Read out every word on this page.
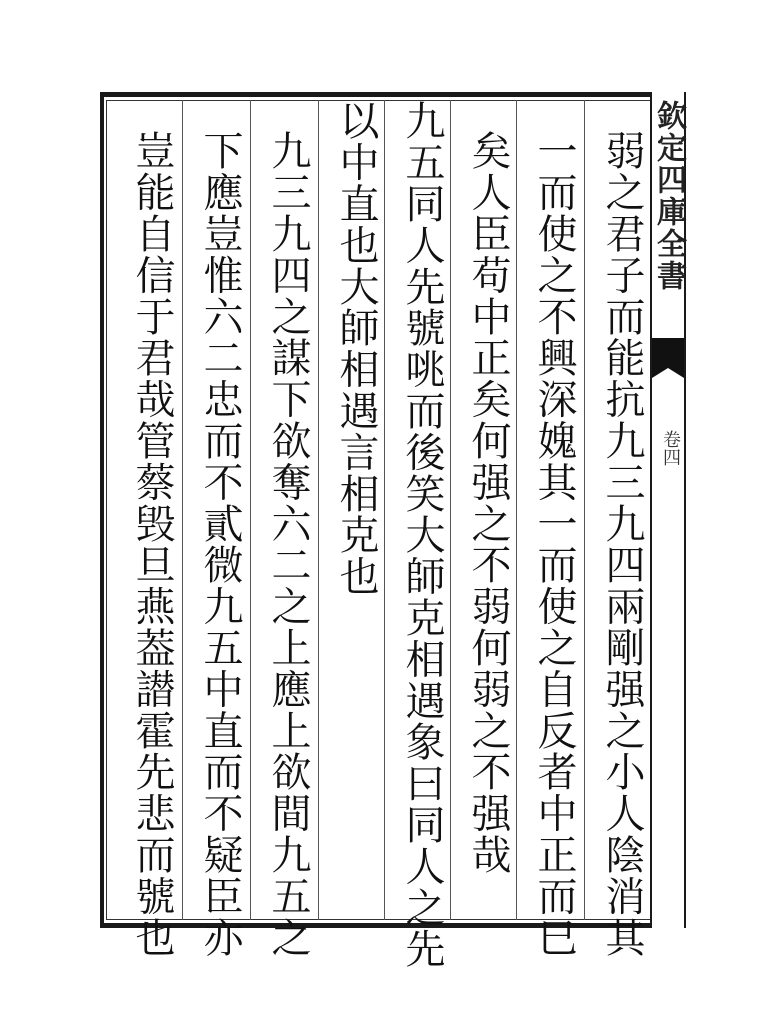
欽定四庫全書
卷四
弱之君子而能抗九三九四兩剛强之小人陰消其
一而使之不興深媿其一而使之自反者中正而巳
矣人臣苟中正矣何强之不弱何弱之不强哉
九五同人先號咷而後笑大師克相遇象曰同人之先
以中直也大師相遇言相克也
九三九四之謀下欲奪六二之上應上欲間九五之
下應豈惟六二忠而不貳微九五中直而不疑臣亦
豈能自信于君哉管蔡毁旦燕葢譛霍先悲而號也
